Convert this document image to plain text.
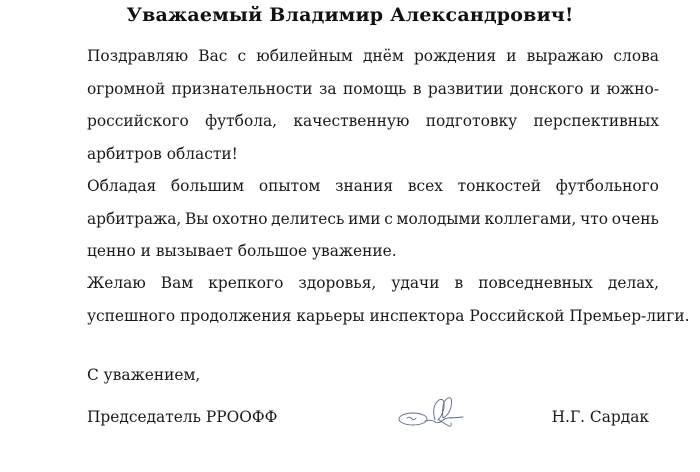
Уважаемый Владимир Александрович!
Поздравляю Вас с юбилейным днём рождения и выражаю слова
огромной признательности за помощь в развитии донского и южно-
российского футбола, качественную подготовку перспективных
арбитров области!
Обладая большим опытом знания всех тонкостей футбольного
арбитража, Вы охотно делитесь ими с молодыми коллегами, что очень
ценно и вызывает большое уважение.
Желаю Вам крепкого здоровья, удачи в повседневных делах,
успешного продолжения карьеры инспектора Российской Премьер-лиги.
С уважением,
Председатель РРООФФ	Н.Г. Сардак
